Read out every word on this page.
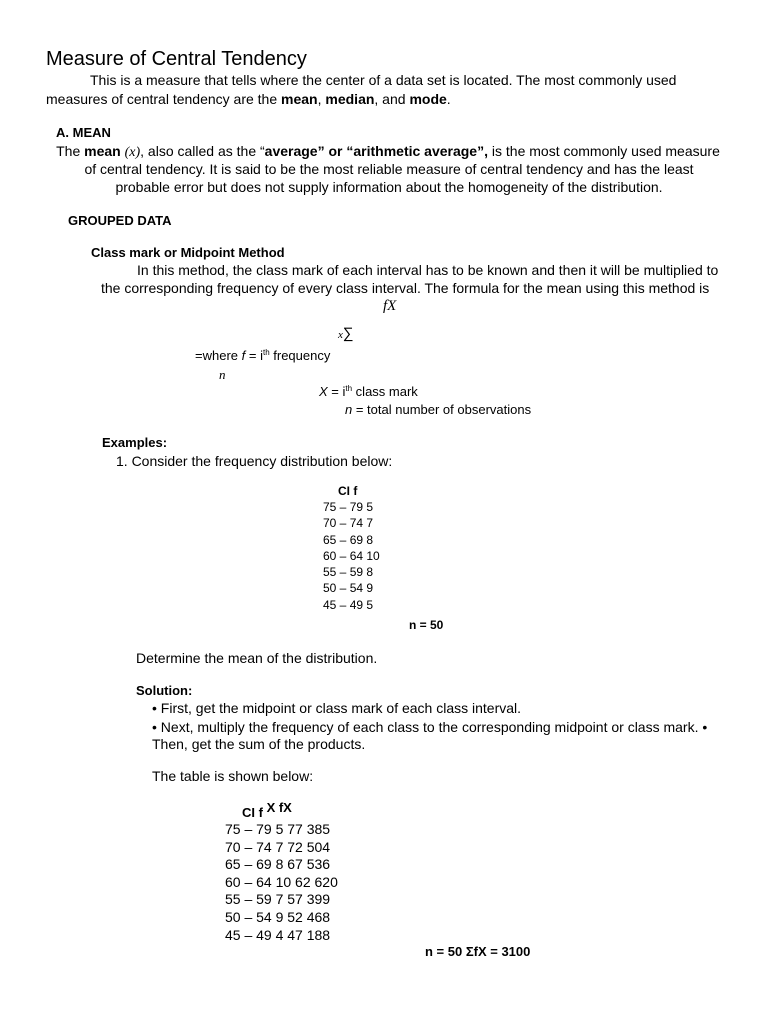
Measure of Central Tendency
This is a measure that tells where the center of a data set is located. The most commonly used
measures of central tendency are the mean, median, and mode.
A. MEAN
The mean (x), also called as the “average” or “arithmetic average”, is the most commonly used measure
of central tendency. It is said to be the most reliable measure of central tendency and has the least
probable error but does not supply information about the homogeneity of the distribution.
GROUPED DATA
Class mark or Midpoint Method
In this method, the class mark of each interval has to be known and then it will be multiplied to
the corresponding frequency of every class interval. The formula for the mean using this method is
fX
x∑
=where $f = i^{th}$ frequency
n
$X = i^{th}$ class mark
n = total number of observations
Examples:
1. Consider the frequency distribution below:
CI f
75 – 79 5
70 – 74 7
65 – 69 8
60 – 64 10
55 – 59 8
50 – 54 9
45 – 49 5
n = 50
Determine the mean of the distribution.
Solution:
• First, get the midpoint or class mark of each class interval.
• Next, multiply the frequency of each class to the corresponding midpoint or class mark. •
Then, get the sum of the products.
The table is shown below:
CI f X fX
75 – 79 5 77 385
70 – 74 7 72 504
65 – 69 8 67 536
60 – 64 10 62 620
55 – 59 7 57 399
50 – 54 9 52 468
45 – 49 4 47 188
n = 50 ΣfX = 3100
